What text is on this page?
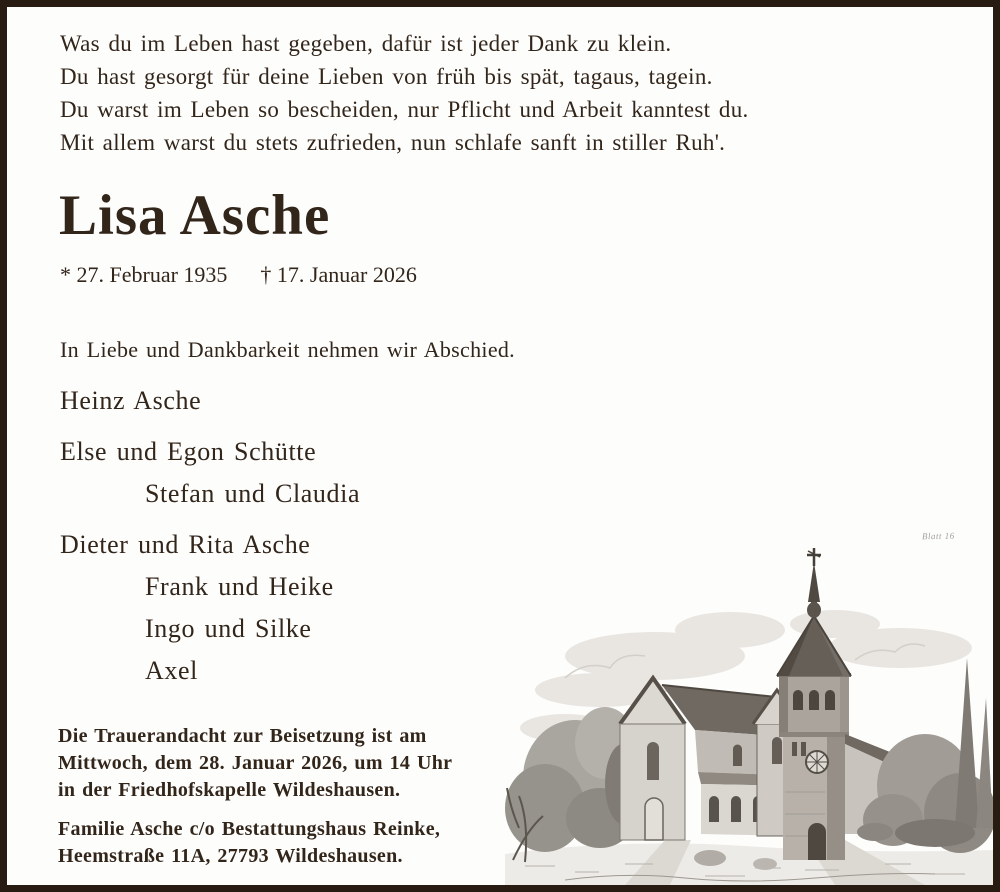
Was du im Leben hast gegeben, dafür ist jeder Dank zu klein.
Du hast gesorgt für deine Lieben von früh bis spät, tagaus, tagein.
Du warst im Leben so bescheiden, nur Pflicht und Arbeit kanntest du.
Mit allem warst du stets zufrieden, nun schlafe sanft in stiller Ruh'.
Lisa Asche
* 27. Februar 1935 † 17. Januar 2026
In Liebe und Dankbarkeit nehmen wir Abschied.
Heinz Asche
Else und Egon Schütte
Stefan und Claudia
Dieter und Rita Asche
Frank und Heike
Ingo und Silke
Axel
Die Trauerandacht zur Beisetzung ist am
Mittwoch, dem 28. Januar 2026, um 14 Uhr
in der Friedhofskapelle Wildeshausen.
Familie Asche c/o Bestattungshaus Reinke,
Heemstraße 11A, 27793 Wildeshausen.
Blatt 16
